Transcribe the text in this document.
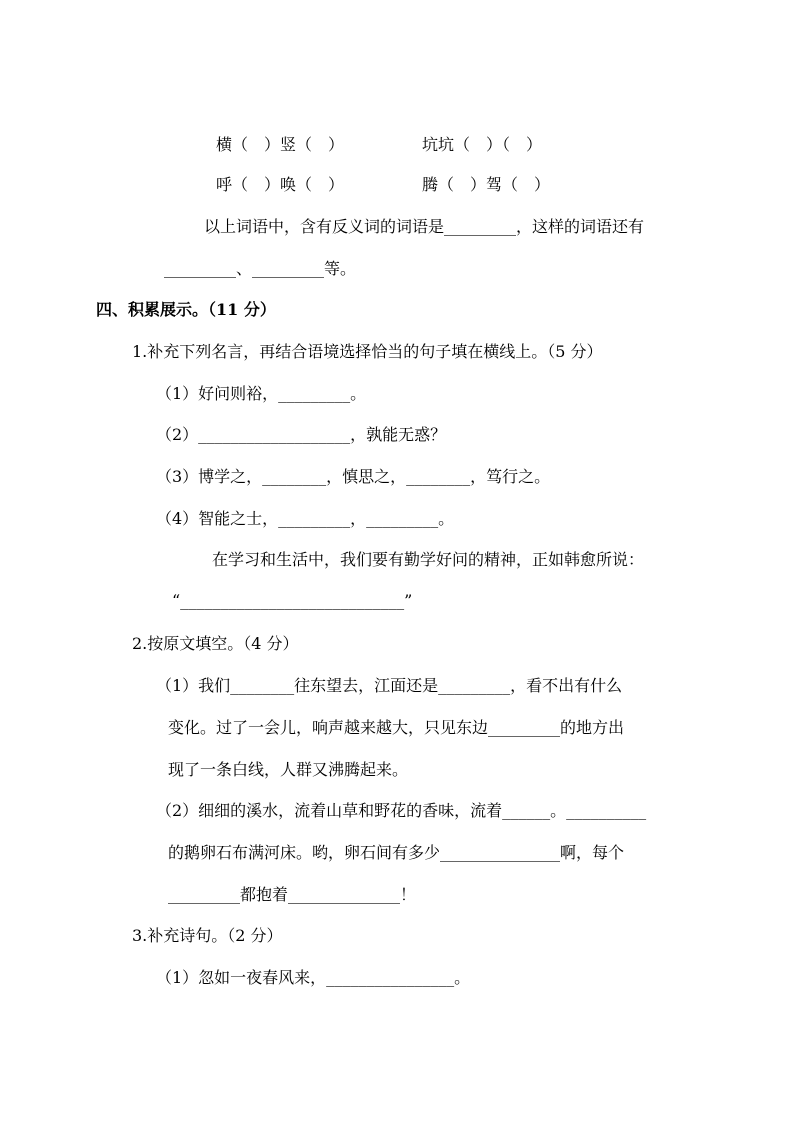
横（　）竖（　）	坑坑（　）（　）
呼（　）唤（　）	腾（　）驾（　）
以上词语中，含有反义词的词语是_________，这样的词语还有
_________、_________等。
四、积累展示。（11 分）
1.补充下列名言，再结合语境选择恰当的句子填在横线上。（5 分）
（1）好问则裕，_________。
（2）___________________，孰能无惑？
（3）博学之，________，慎思之，________，笃行之。
（4）智能之士，_________，_________。
在学习和生活中，我们要有勤学好问的精神，正如韩愈所说：
“____________________________”
2.按原文填空。（4 分）
（1）我们________往东望去，江面还是_________，看不出有什么
变化。过了一会儿，响声越来越大，只见东边_________的地方出
现了一条白线，人群又沸腾起来。
（2）细细的溪水，流着山草和野花的香味，流着______。__________
的鹅卵石布满河床。哟，卵石间有多少_______________啊，每个
_________都抱着______________！
3.补充诗句。（2 分）
（1）忽如一夜春风来，________________。
